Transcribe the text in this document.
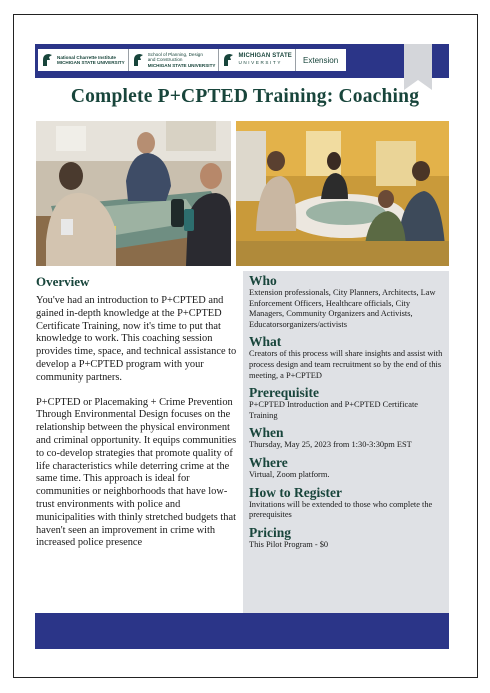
National Charrette Institute
MICHIGAN STATE UNIVERSITY
School of Planning, Design
and Construction
MICHIGAN STATE UNIVERSITY
MICHIGAN STATE
UNIVERSITY	Extension
Complete P+CPTED Training: Coaching
Overview

You've had an introduction to P+CPTED and gained in-depth knowledge at the P+CPTED Certificate Training, now it's time to put that knowledge to work. This coaching session provides time, space, and technical assistance to develop a P+CPTED program with your community partners.

P+CPTED or Placemaking + Crime Prevention Through Environmental Design focuses on the relationship between the physical environment and criminal opportunity. It equips communities to co-develop strategies that promote quality of life characteristics while deterring crime at the same time. This approach is ideal for communities or neighborhoods that have low-trust environments with police and municipalities with thinly stretched budgets that haven't seen an improvement in crime with increased police presence

Who

Extension professionals, City Planners, Architects, Law Enforcement Officers, Healthcare officials, City Managers, Community Organizers and Activists, Educatorsorganizers/activists

What

Creators of this process will share insights and assist with process design and team recruitment so by the end of this meeting, a P+CPTED

Prerequisite

P+CPTED Introduction and P+CPTED Certificate Training

When

Thursday, May 25, 2023 from 1:30-3:30pm EST

Where

Virtual, Zoom platform.

How to Register

Invitations will be extended to those who complete the prerequisites

Pricing

This Pilot Program - $0
